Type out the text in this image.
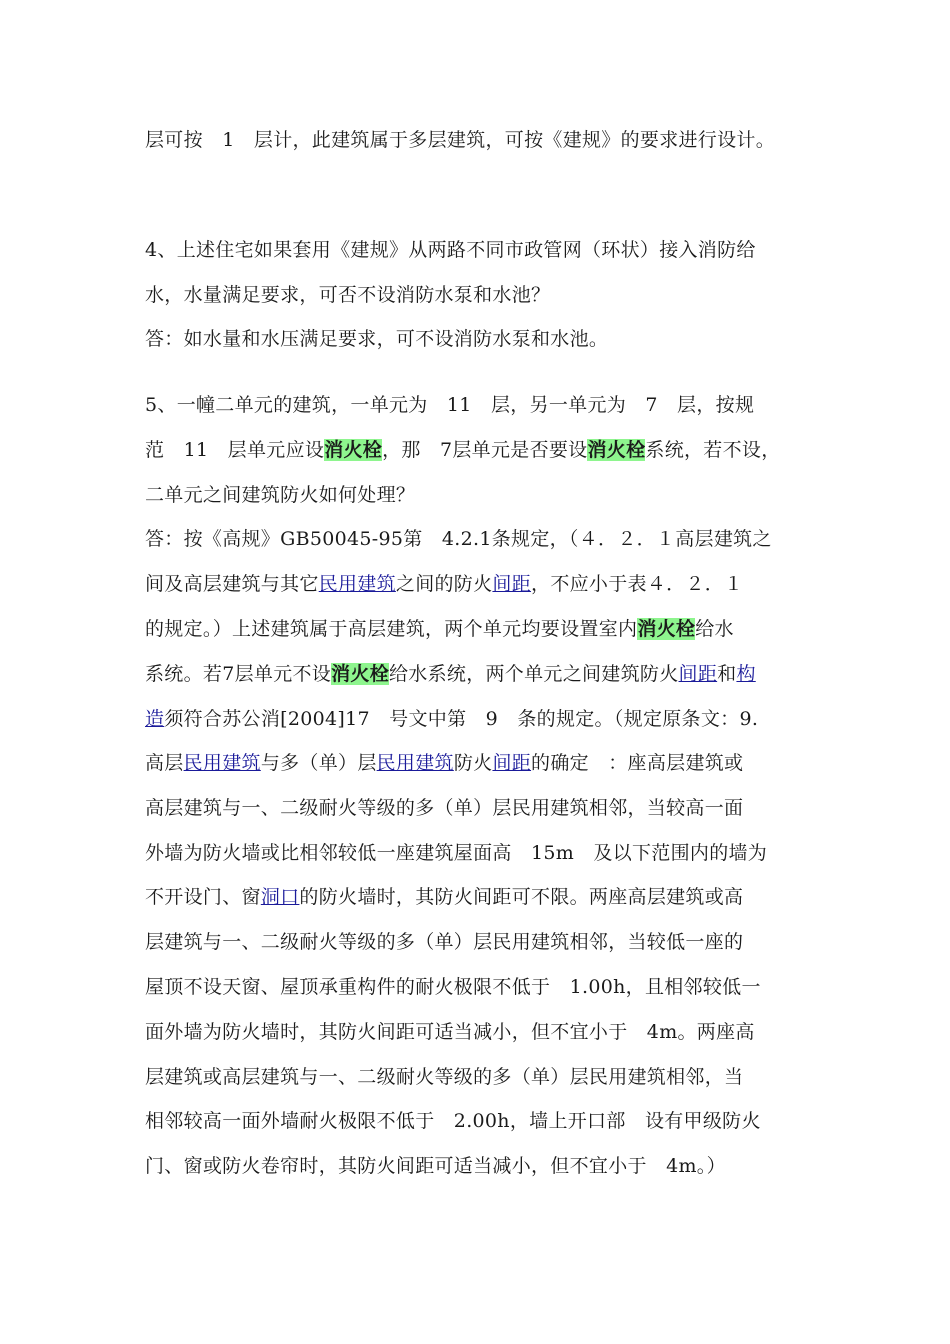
层可按　1　层计，此建筑属于多层建筑，可按《建规》的要求进行设计。
4、上述住宅如果套用《建规》从两路不同市政管网（环状）接入消防给
水，水量满足要求，可否不设消防水泵和水池？
答：如水量和水压满足要求，可不设消防水泵和水池。
5、一幢二单元的建筑，一单元为　11　层，另一单元为　7　层，按规
范　11　层单元应设消火栓，那　7层单元是否要设消火栓系统，若不设，
二单元之间建筑防火如何处理？
答：按《高规》GB50045-95第　4.2.1条规定，（４．２．１高层建筑之
间及高层建筑与其它民用建筑之间的防火间距，不应小于表４．２．１
的规定。）上述建筑属于高层建筑，两个单元均要设置室内消火栓给水
系统。若7层单元不设消火栓给水系统，两个单元之间建筑防火间距和构
造须符合苏公消[2004]17　号文中第　9　条的规定。（规定原条文：9.
高层民用建筑与多（单）层民用建筑防火间距的确定　：座高层建筑或
高层建筑与一、二级耐火等级的多（单）层民用建筑相邻，当较高一面
外墙为防火墙或比相邻较低一座建筑屋面高　15m　及以下范围内的墙为
不开设门、窗洞口的防火墙时，其防火间距可不限。两座高层建筑或高
层建筑与一、二级耐火等级的多（单）层民用建筑相邻，当较低一座的
屋顶不设天窗、屋顶承重构件的耐火极限不低于　1.00h，且相邻较低一
面外墙为防火墙时，其防火间距可适当减小，但不宜小于　4m。两座高
层建筑或高层建筑与一、二级耐火等级的多（单）层民用建筑相邻，当
相邻较高一面外墙耐火极限不低于　2.00h，墙上开口部　设有甲级防火
门、窗或防火卷帘时，其防火间距可适当减小，但不宜小于　4m。）
